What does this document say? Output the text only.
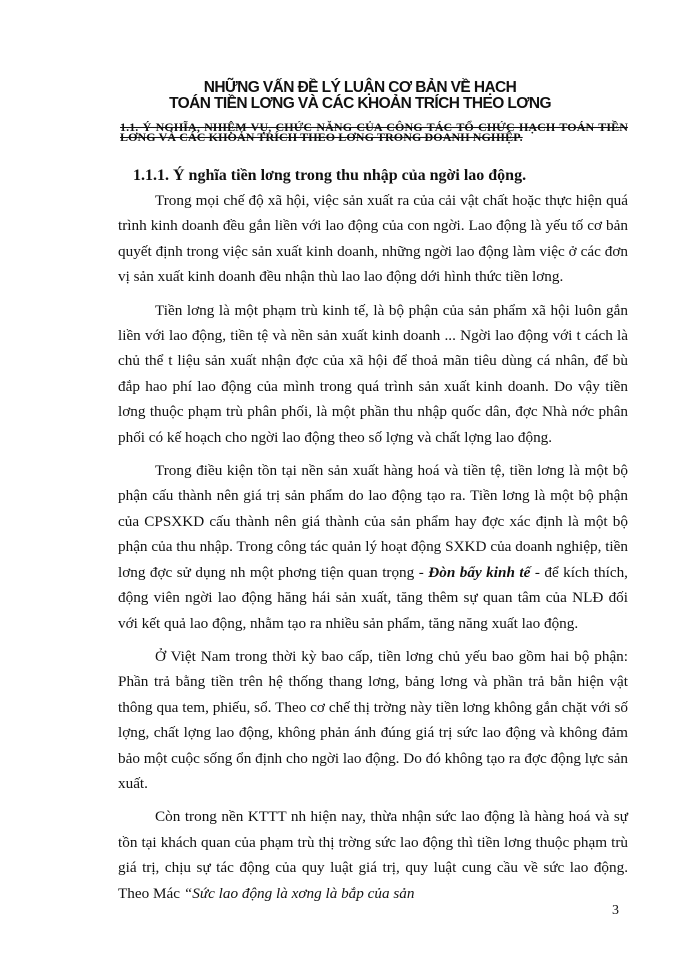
NHỮNG VẤN ĐỀ LÝ LUẬN CƠ BẢN VỀ HẠCH
TOÁN TIỀN LƠNG VÀ CÁC KHOẢN TRÍCH THEO LƠNG
1.1. Ý NGHĨA, NHIỆM VỤ, CHỨC NĂNG CỦA CÔNG TÁC TỔ CHỨC HẠCH TOÁN TIỀN LƠNG VÀ CÁC KHOẢN TRÍCH THEO LƠNG TRONG DOANH NGHIỆP.
1.1.1. Ý nghĩa tiền lơng trong thu nhập của ngời lao động.

Trong mọi chế độ xã hội, việc sản xuất ra của cải vật chất hoặc thực hiện quá trình kinh doanh đều gắn liền với lao động của con ngời. Lao động là yếu tố cơ bản quyết định trong việc sản xuất kinh doanh, những ngời lao động làm việc ở các đơn vị sản xuất kinh doanh đều nhận thù lao lao động dới hình thức tiền lơng.

Tiền lơng là một phạm trù kinh tế, là bộ phận của sản phẩm xã hội luôn gắn liền với lao động, tiền tệ và nền sản xuất kinh doanh ... Ngời lao động với t cách là chủ thể t liệu sản xuất nhận đợc của xã hội để thoả mãn tiêu dùng cá nhân, để bù đắp hao phí lao động của mình trong quá trình sản xuất kinh doanh. Do vậy tiền lơng thuộc phạm trù phân phối, là một phần thu nhập quốc dân, đợc Nhà nớc phân phối có kế hoạch cho ngời lao động theo số lợng và chất lợng lao động.

Trong điều kiện tồn tại nền sản xuất hàng hoá và tiền tệ, tiền lơng là một bộ phận cấu thành nên giá trị sản phẩm do lao động tạo ra. Tiền lơng là một bộ phận của CPSXKD cấu thành nên giá thành của sản phẩm hay đợc xác định là một bộ phận của thu nhập. Trong công tác quản lý hoạt động SXKD của doanh nghiệp, tiền lơng đợc sử dụng nh một phơng tiện quan trọng - Đòn bẩy kinh tế - để kích thích, động viên ngời lao động hăng hái sản xuất, tăng thêm sự quan tâm của NLĐ đối với kết quả lao động, nhằm tạo ra nhiều sản phẩm, tăng năng xuất lao động.

Ở Việt Nam trong thời kỳ bao cấp, tiền lơng chủ yếu bao gồm hai bộ phận: Phần trả bằng tiền trên hệ thống thang lơng, bảng lơng và phần trả bằn hiện vật thông qua tem, phiếu, sổ. Theo cơ chế thị trờng này tiền lơng không gắn chặt với số lợng, chất lợng lao động, không phản ánh đúng giá trị sức lao động và không đảm bảo một cuộc sống ổn định cho ngời lao động. Do đó không tạo ra đợc động lực sản xuất.

Còn trong nền KTTT nh hiện nay, thừa nhận sức lao động là hàng hoá và sự tồn tại khách quan của phạm trù thị trờng sức lao động thì tiền lơng thuộc phạm trù giá trị, chịu sự tác động của quy luật giá trị, quy luật cung cầu về sức lao động. Theo Mác “Sức lao động là xơng là bắp của sản

3
